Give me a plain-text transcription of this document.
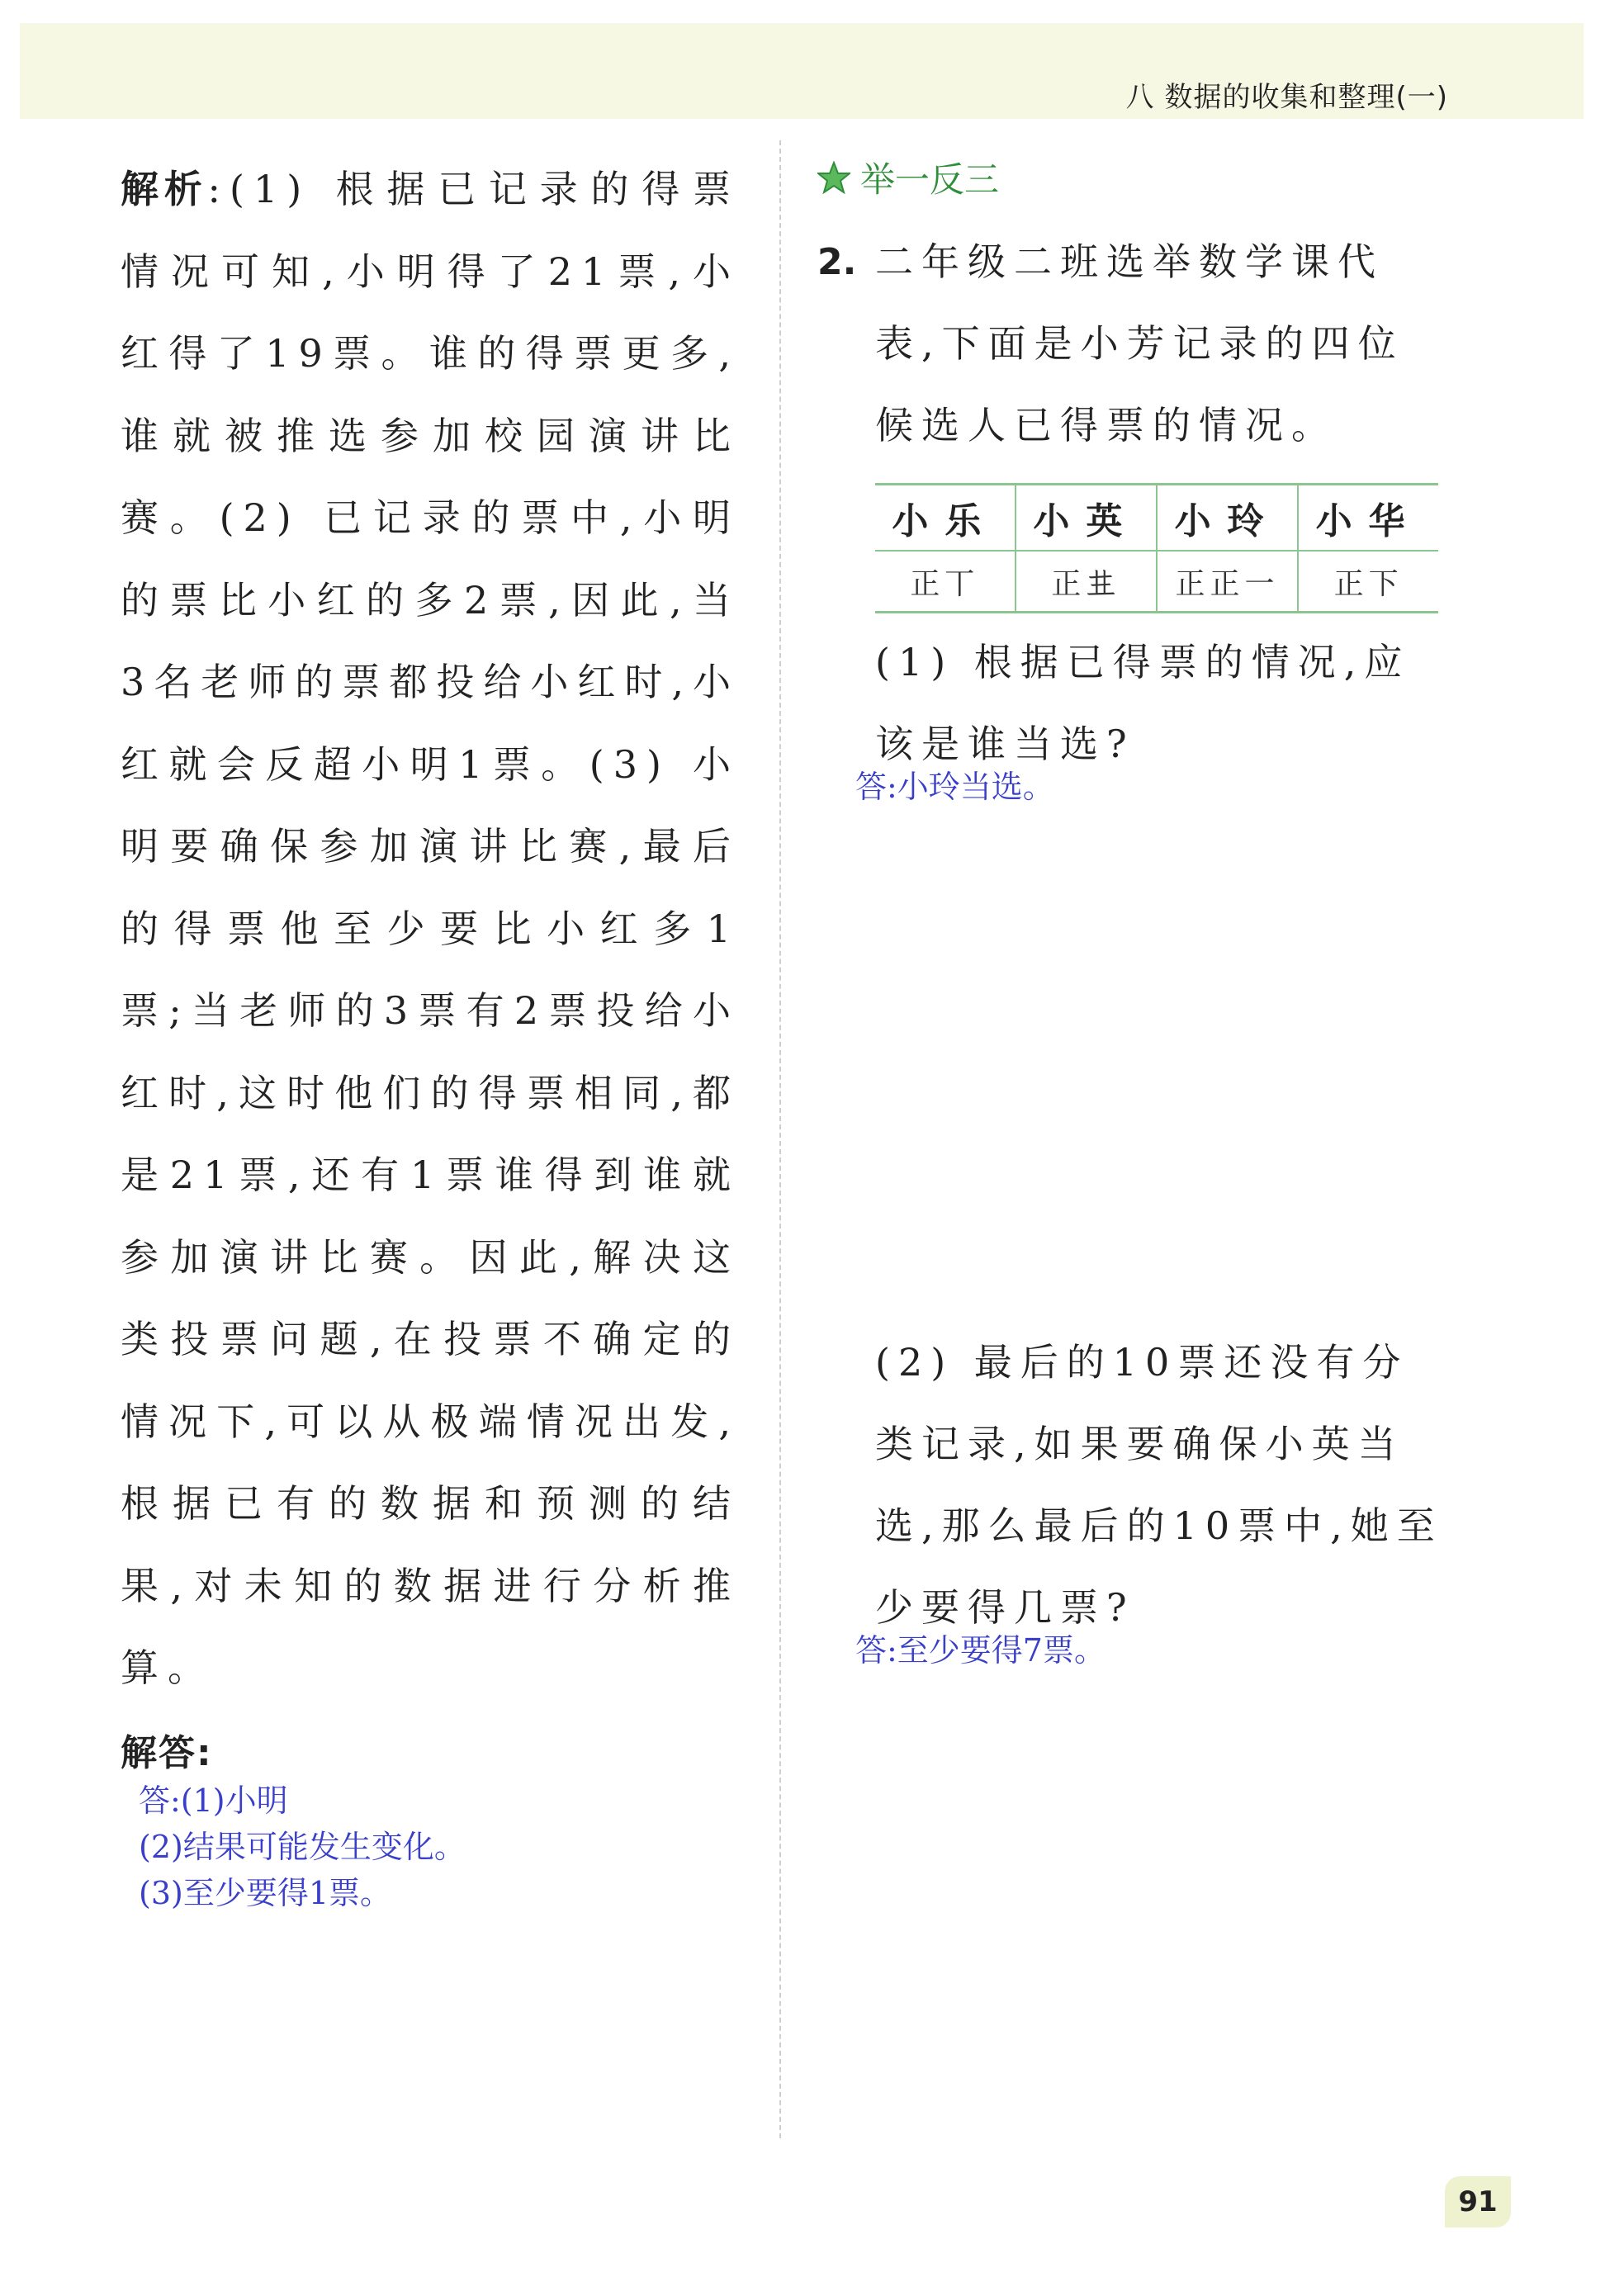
八 数据的收集和整理(一)

解析:(1) 根据已记录的得票情况可知,小明得了21票,小红得了19票。谁的得票更多,谁就被推选参加校园演讲比赛。(2) 已记录的票中,小明的票比小红的多2票,因此,当3名老师的票都投给小红时,小红就会反超小明1票。(3) 小明要确保参加演讲比赛,最后的得票他至少要比小红多1票;当老师的3票有2票投给小红时,这时他们的得票相同,都是21票,还有1票谁得到谁就参加演讲比赛。因此,解决这类投票问题,在投票不确定的情况下,可以从极端情况出发,根据已有的数据和预测的结果,对未知的数据进行分析推算。

解答:
答:(1)小明
(2)结果可能发生变化。
(3)至少要得1票。
举一反三
2. 二年级二班选举数学课代表,下面是小芳记录的四位候选人已得票的情况。

小乐	小英	小玲	小华
正丅	正𠀎	正正一	正下

(1) 根据已得票的情况,应该是谁当选?

答:小玲当选。

(2) 最后的10票还没有分类记录,如果要确保小英当选,那么最后的10票中,她至少要得几票?

答:至少要得7票。
91
